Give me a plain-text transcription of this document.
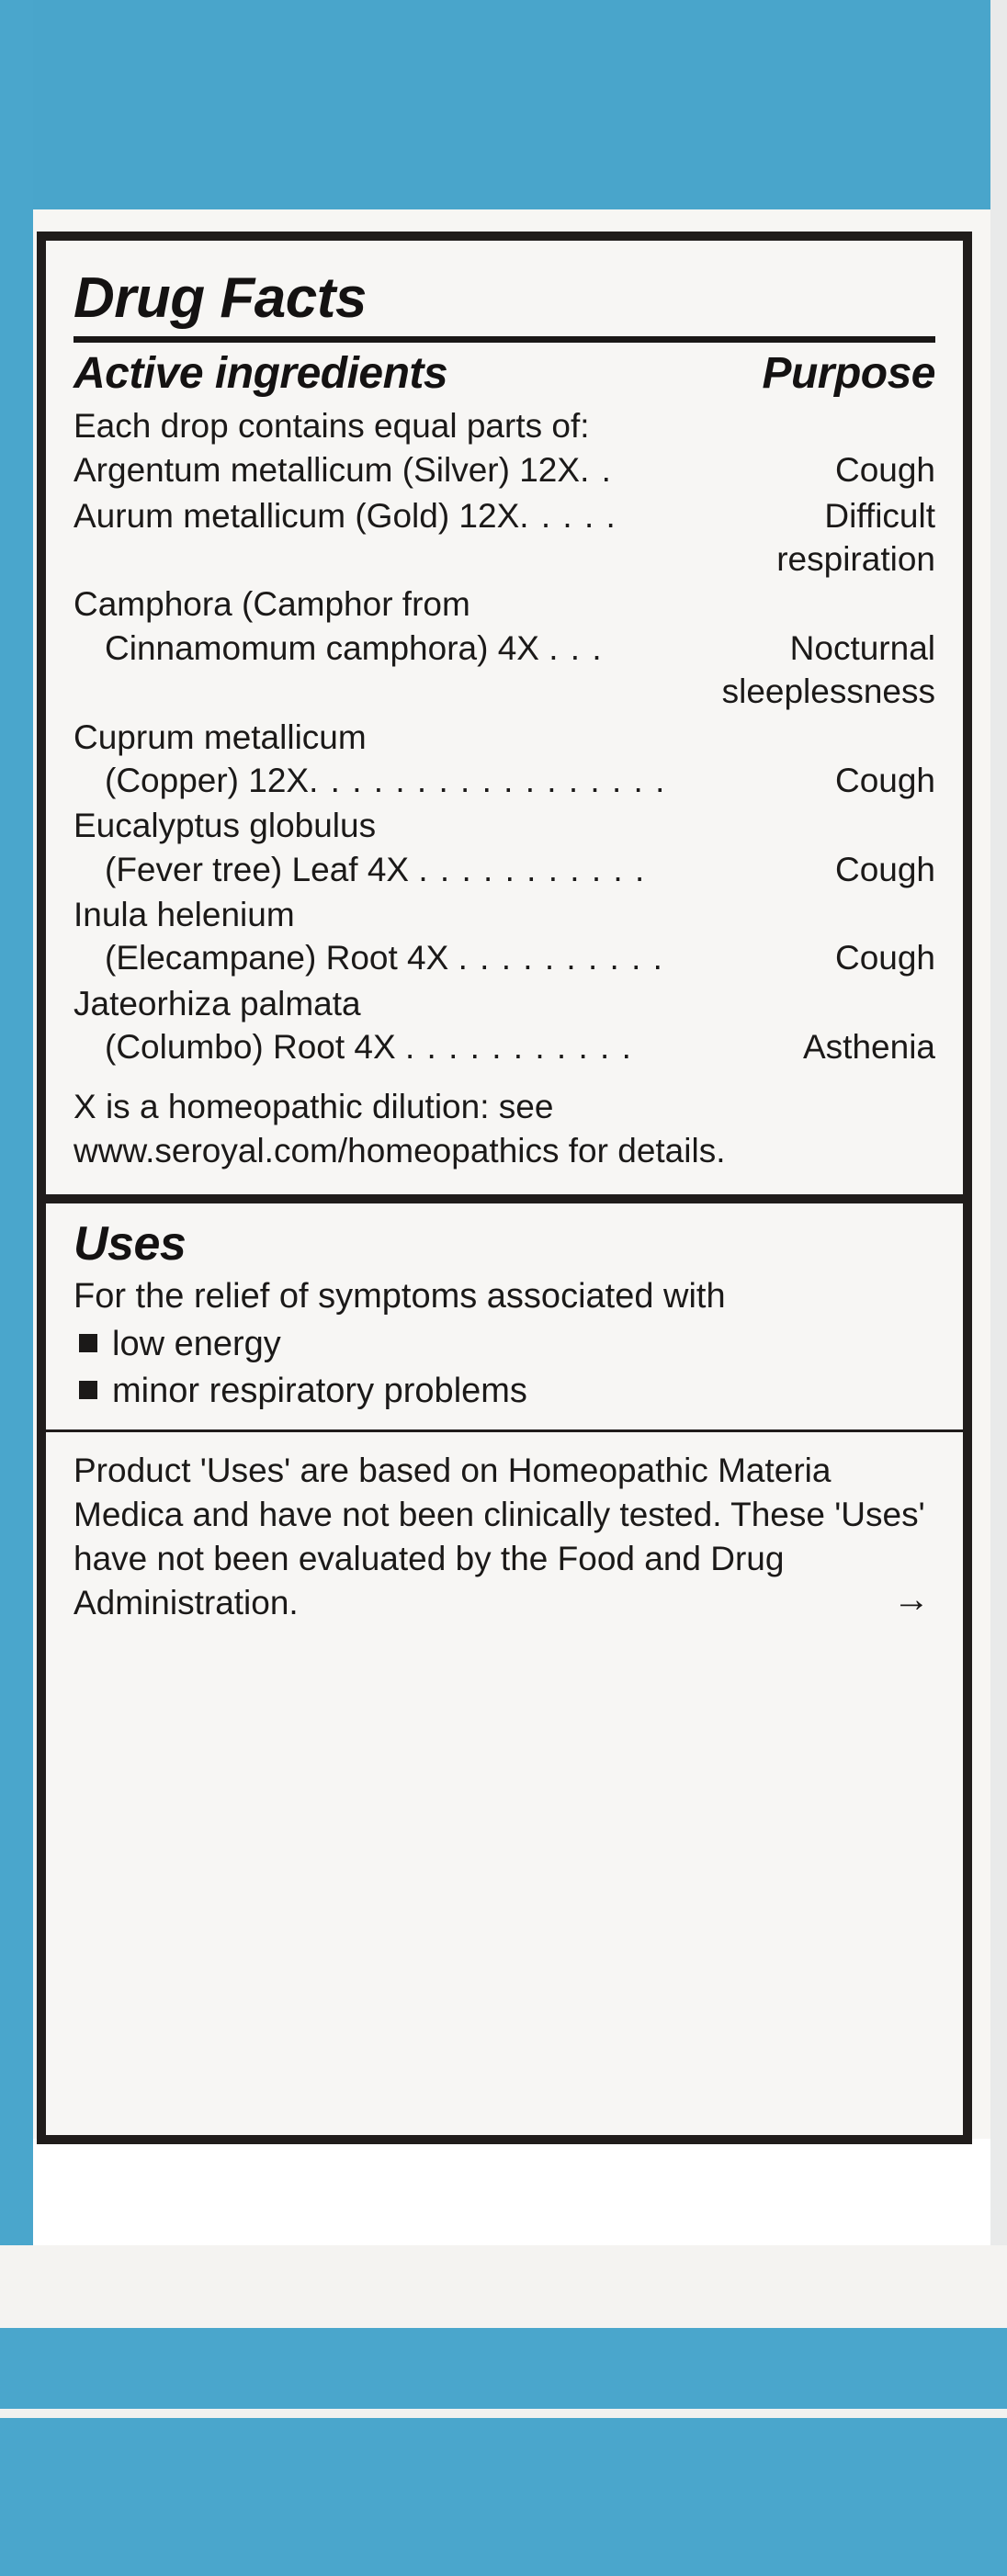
Drug Facts
Active ingredients	Purpose
Each drop contains equal parts of:
Argentum metallicum (Silver) 12X. .	Cough
Aurum metallicum (Gold) 12X. . . . .	Difficult
respiration
Camphora (Camphor from
Cinnamomum camphora) 4X . . .	Nocturnal
sleeplessness
Cuprum metallicum
(Copper) 12X. . . . . . . . . . . . . . . . .	Cough
Eucalyptus globulus
(Fever tree) Leaf 4X . . . . . . . . . . .	Cough
Inula helenium
(Elecampane) Root 4X . . . . . . . . . .	Cough
Jateorhiza palmata
(Columbo) Root 4X . . . . . . . . . . .	Asthenia
X is a homeopathic dilution: see
www.seroyal.com/homeopathics for details.
Uses
For the relief of symptoms associated with
low energy
minor respiratory problems
Product 'Uses' are based on Homeopathic Materia Medica and have not been clinically tested. These 'Uses' have not been evaluated by the Food and Drug Administration.	→
